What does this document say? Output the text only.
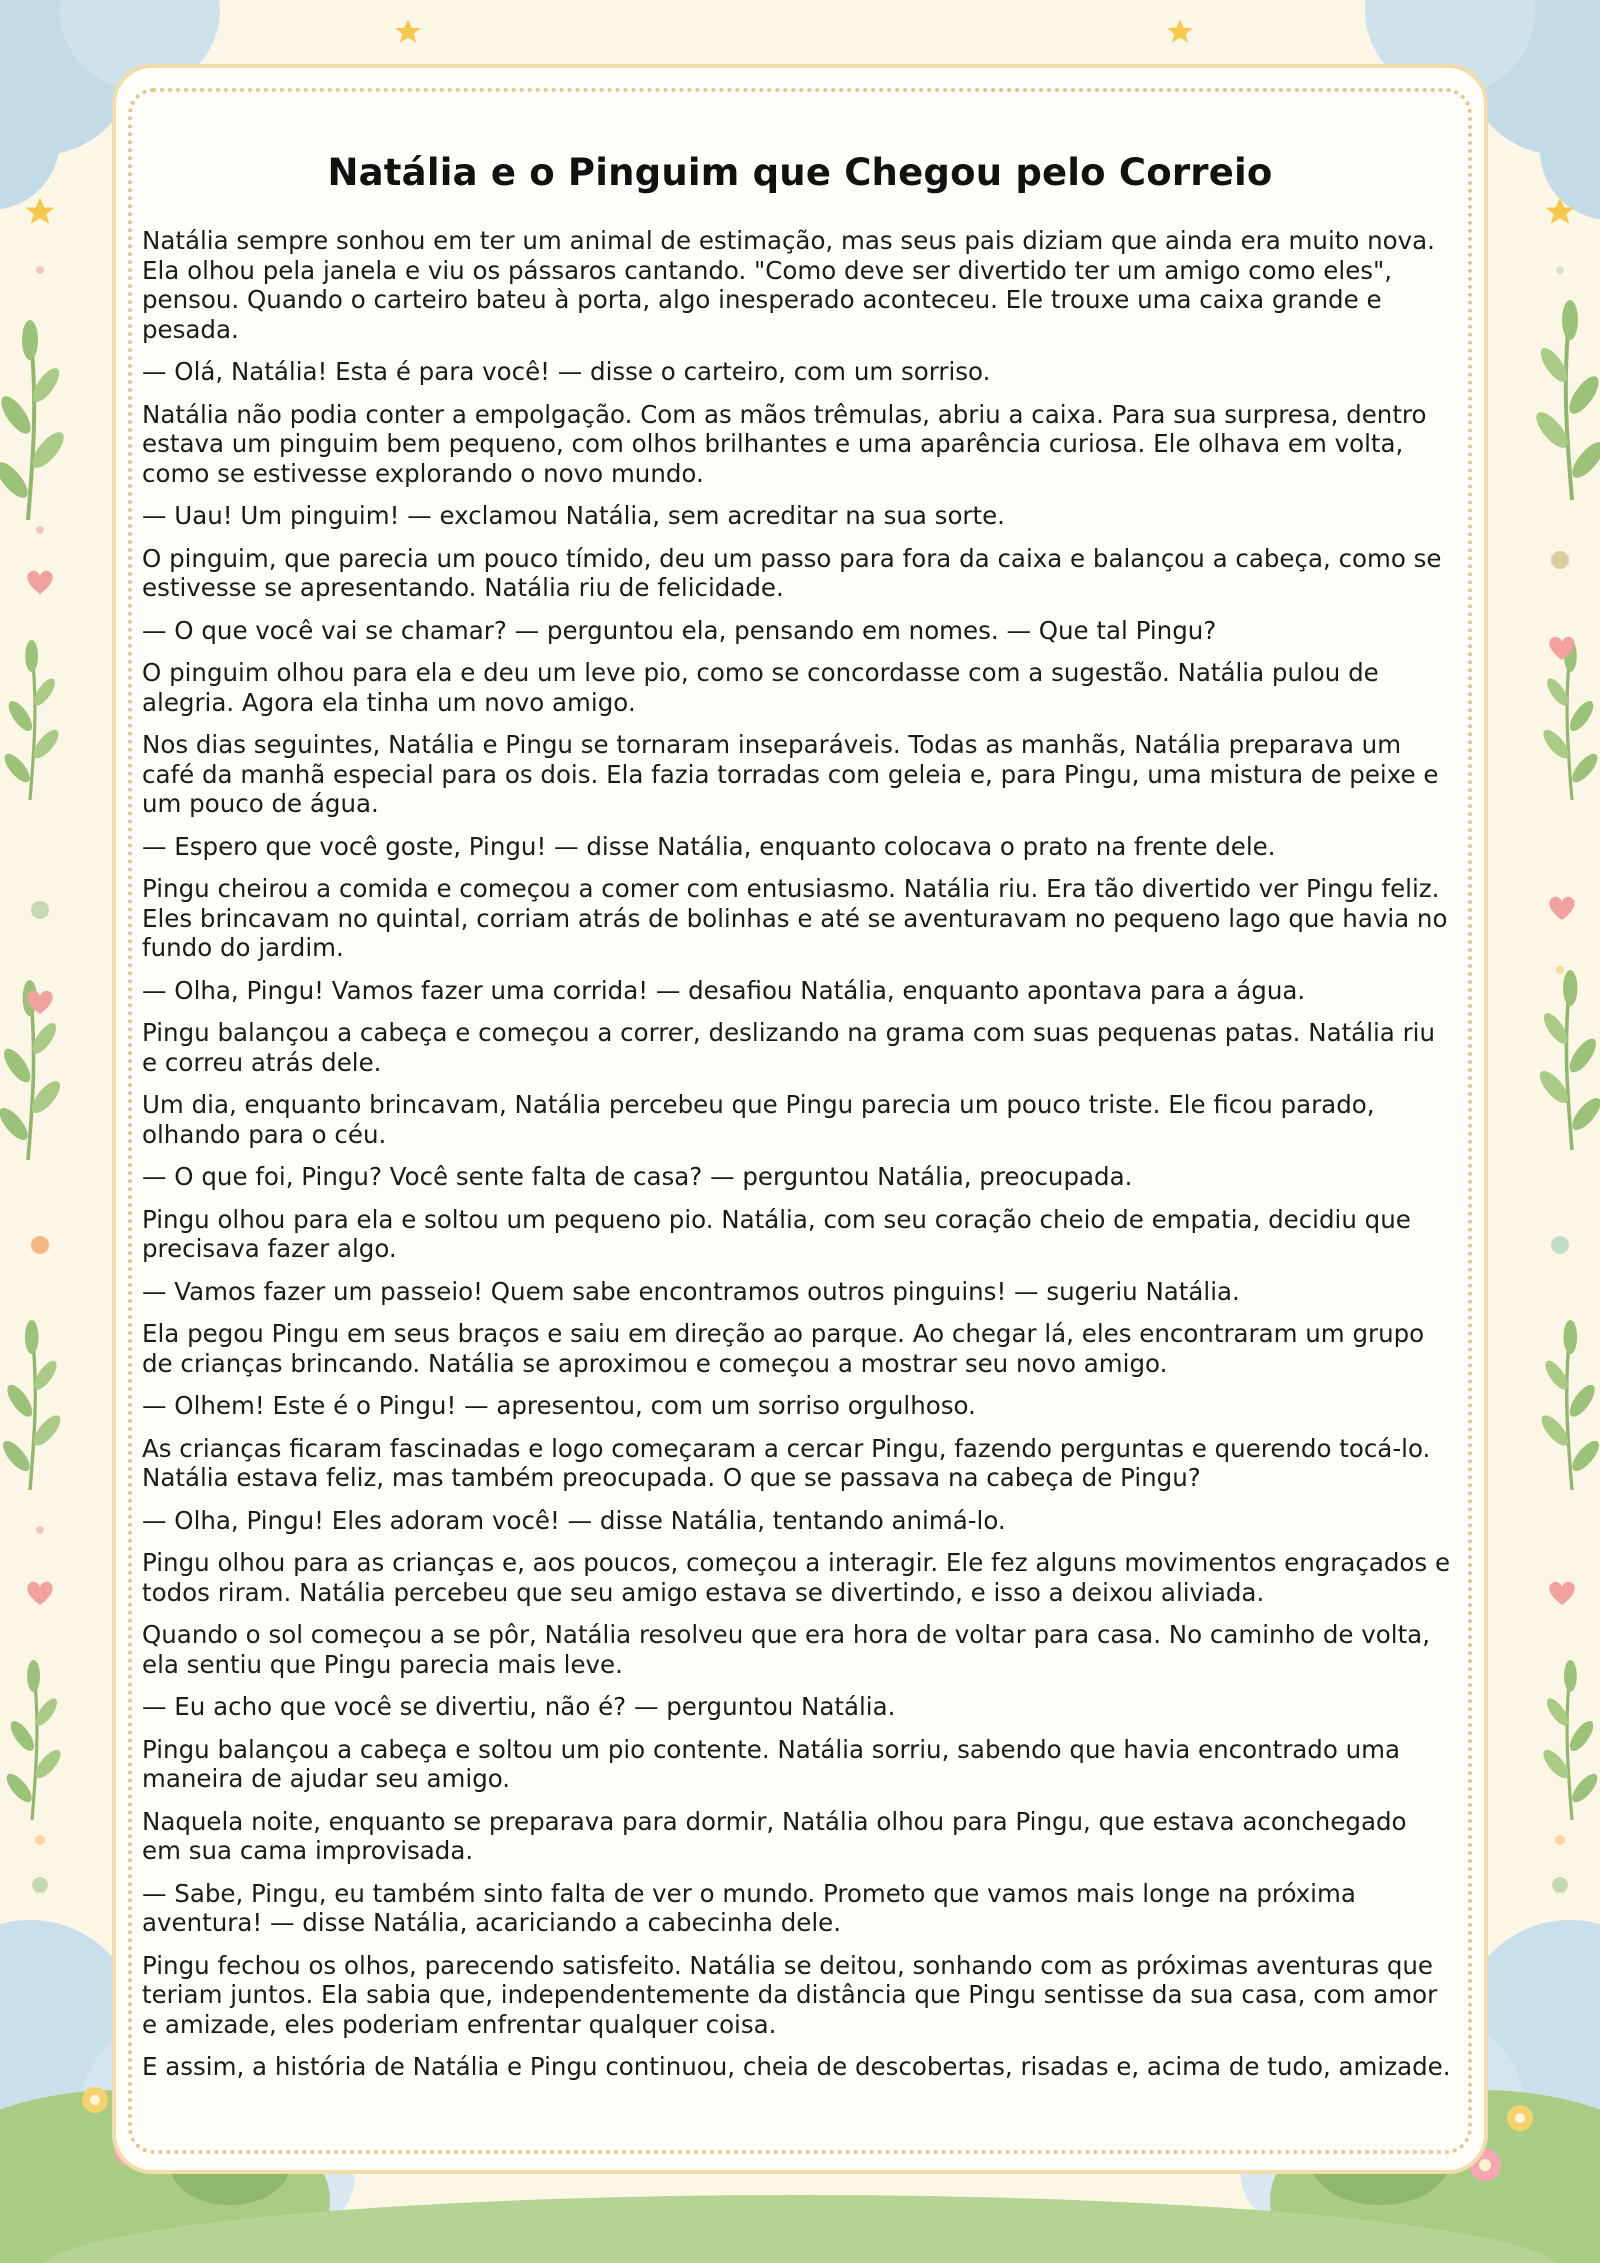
Natália e o Pinguim que Chegou pelo Correio

Natália sempre sonhou em ter um animal de estimação, mas seus pais diziam que ainda era muito nova. Ela olhou pela janela e viu os pássaros cantando. "Como deve ser divertido ter um amigo como eles", pensou. Quando o carteiro bateu à porta, algo inesperado aconteceu. Ele trouxe uma caixa grande e pesada.

— Olá, Natália! Esta é para você! — disse o carteiro, com um sorriso.

Natália não podia conter a empolgação. Com as mãos trêmulas, abriu a caixa. Para sua surpresa, dentro estava um pinguim bem pequeno, com olhos brilhantes e uma aparência curiosa. Ele olhava em volta, como se estivesse explorando o novo mundo.

— Uau! Um pinguim! — exclamou Natália, sem acreditar na sua sorte.

O pinguim, que parecia um pouco tímido, deu um passo para fora da caixa e balançou a cabeça, como se estivesse se apresentando. Natália riu de felicidade.

— O que você vai se chamar? — perguntou ela, pensando em nomes. — Que tal Pingu?

O pinguim olhou para ela e deu um leve pio, como se concordasse com a sugestão. Natália pulou de alegria. Agora ela tinha um novo amigo.

Nos dias seguintes, Natália e Pingu se tornaram inseparáveis. Todas as manhãs, Natália preparava um café da manhã especial para os dois. Ela fazia torradas com geleia e, para Pingu, uma mistura de peixe e um pouco de água.

— Espero que você goste, Pingu! — disse Natália, enquanto colocava o prato na frente dele.

Pingu cheirou a comida e começou a comer com entusiasmo. Natália riu. Era tão divertido ver Pingu feliz. Eles brincavam no quintal, corriam atrás de bolinhas e até se aventuravam no pequeno lago que havia no fundo do jardim.

— Olha, Pingu! Vamos fazer uma corrida! — desafiou Natália, enquanto apontava para a água.

Pingu balançou a cabeça e começou a correr, deslizando na grama com suas pequenas patas. Natália riu e correu atrás dele.

Um dia, enquanto brincavam, Natália percebeu que Pingu parecia um pouco triste. Ele ficou parado, olhando para o céu.

— O que foi, Pingu? Você sente falta de casa? — perguntou Natália, preocupada.

Pingu olhou para ela e soltou um pequeno pio. Natália, com seu coração cheio de empatia, decidiu que precisava fazer algo.

— Vamos fazer um passeio! Quem sabe encontramos outros pinguins! — sugeriu Natália.

Ela pegou Pingu em seus braços e saiu em direção ao parque. Ao chegar lá, eles encontraram um grupo de crianças brincando. Natália se aproximou e começou a mostrar seu novo amigo.

— Olhem! Este é o Pingu! — apresentou, com um sorriso orgulhoso.

As crianças ficaram fascinadas e logo começaram a cercar Pingu, fazendo perguntas e querendo tocá-lo. Natália estava feliz, mas também preocupada. O que se passava na cabeça de Pingu?

— Olha, Pingu! Eles adoram você! — disse Natália, tentando animá-lo.

Pingu olhou para as crianças e, aos poucos, começou a interagir. Ele fez alguns movimentos engraçados e todos riram. Natália percebeu que seu amigo estava se divertindo, e isso a deixou aliviada.

Quando o sol começou a se pôr, Natália resolveu que era hora de voltar para casa. No caminho de volta, ela sentiu que Pingu parecia mais leve.

— Eu acho que você se divertiu, não é? — perguntou Natália.

Pingu balançou a cabeça e soltou um pio contente. Natália sorriu, sabendo que havia encontrado uma maneira de ajudar seu amigo.

Naquela noite, enquanto se preparava para dormir, Natália olhou para Pingu, que estava aconchegado em sua cama improvisada.

— Sabe, Pingu, eu também sinto falta de ver o mundo. Prometo que vamos mais longe na próxima aventura! — disse Natália, acariciando a cabecinha dele.

Pingu fechou os olhos, parecendo satisfeito. Natália se deitou, sonhando com as próximas aventuras que teriam juntos. Ela sabia que, independentemente da distância que Pingu sentisse da sua casa, com amor e amizade, eles poderiam enfrentar qualquer coisa.

E assim, a história de Natália e Pingu continuou, cheia de descobertas, risadas e, acima de tudo, amizade.
